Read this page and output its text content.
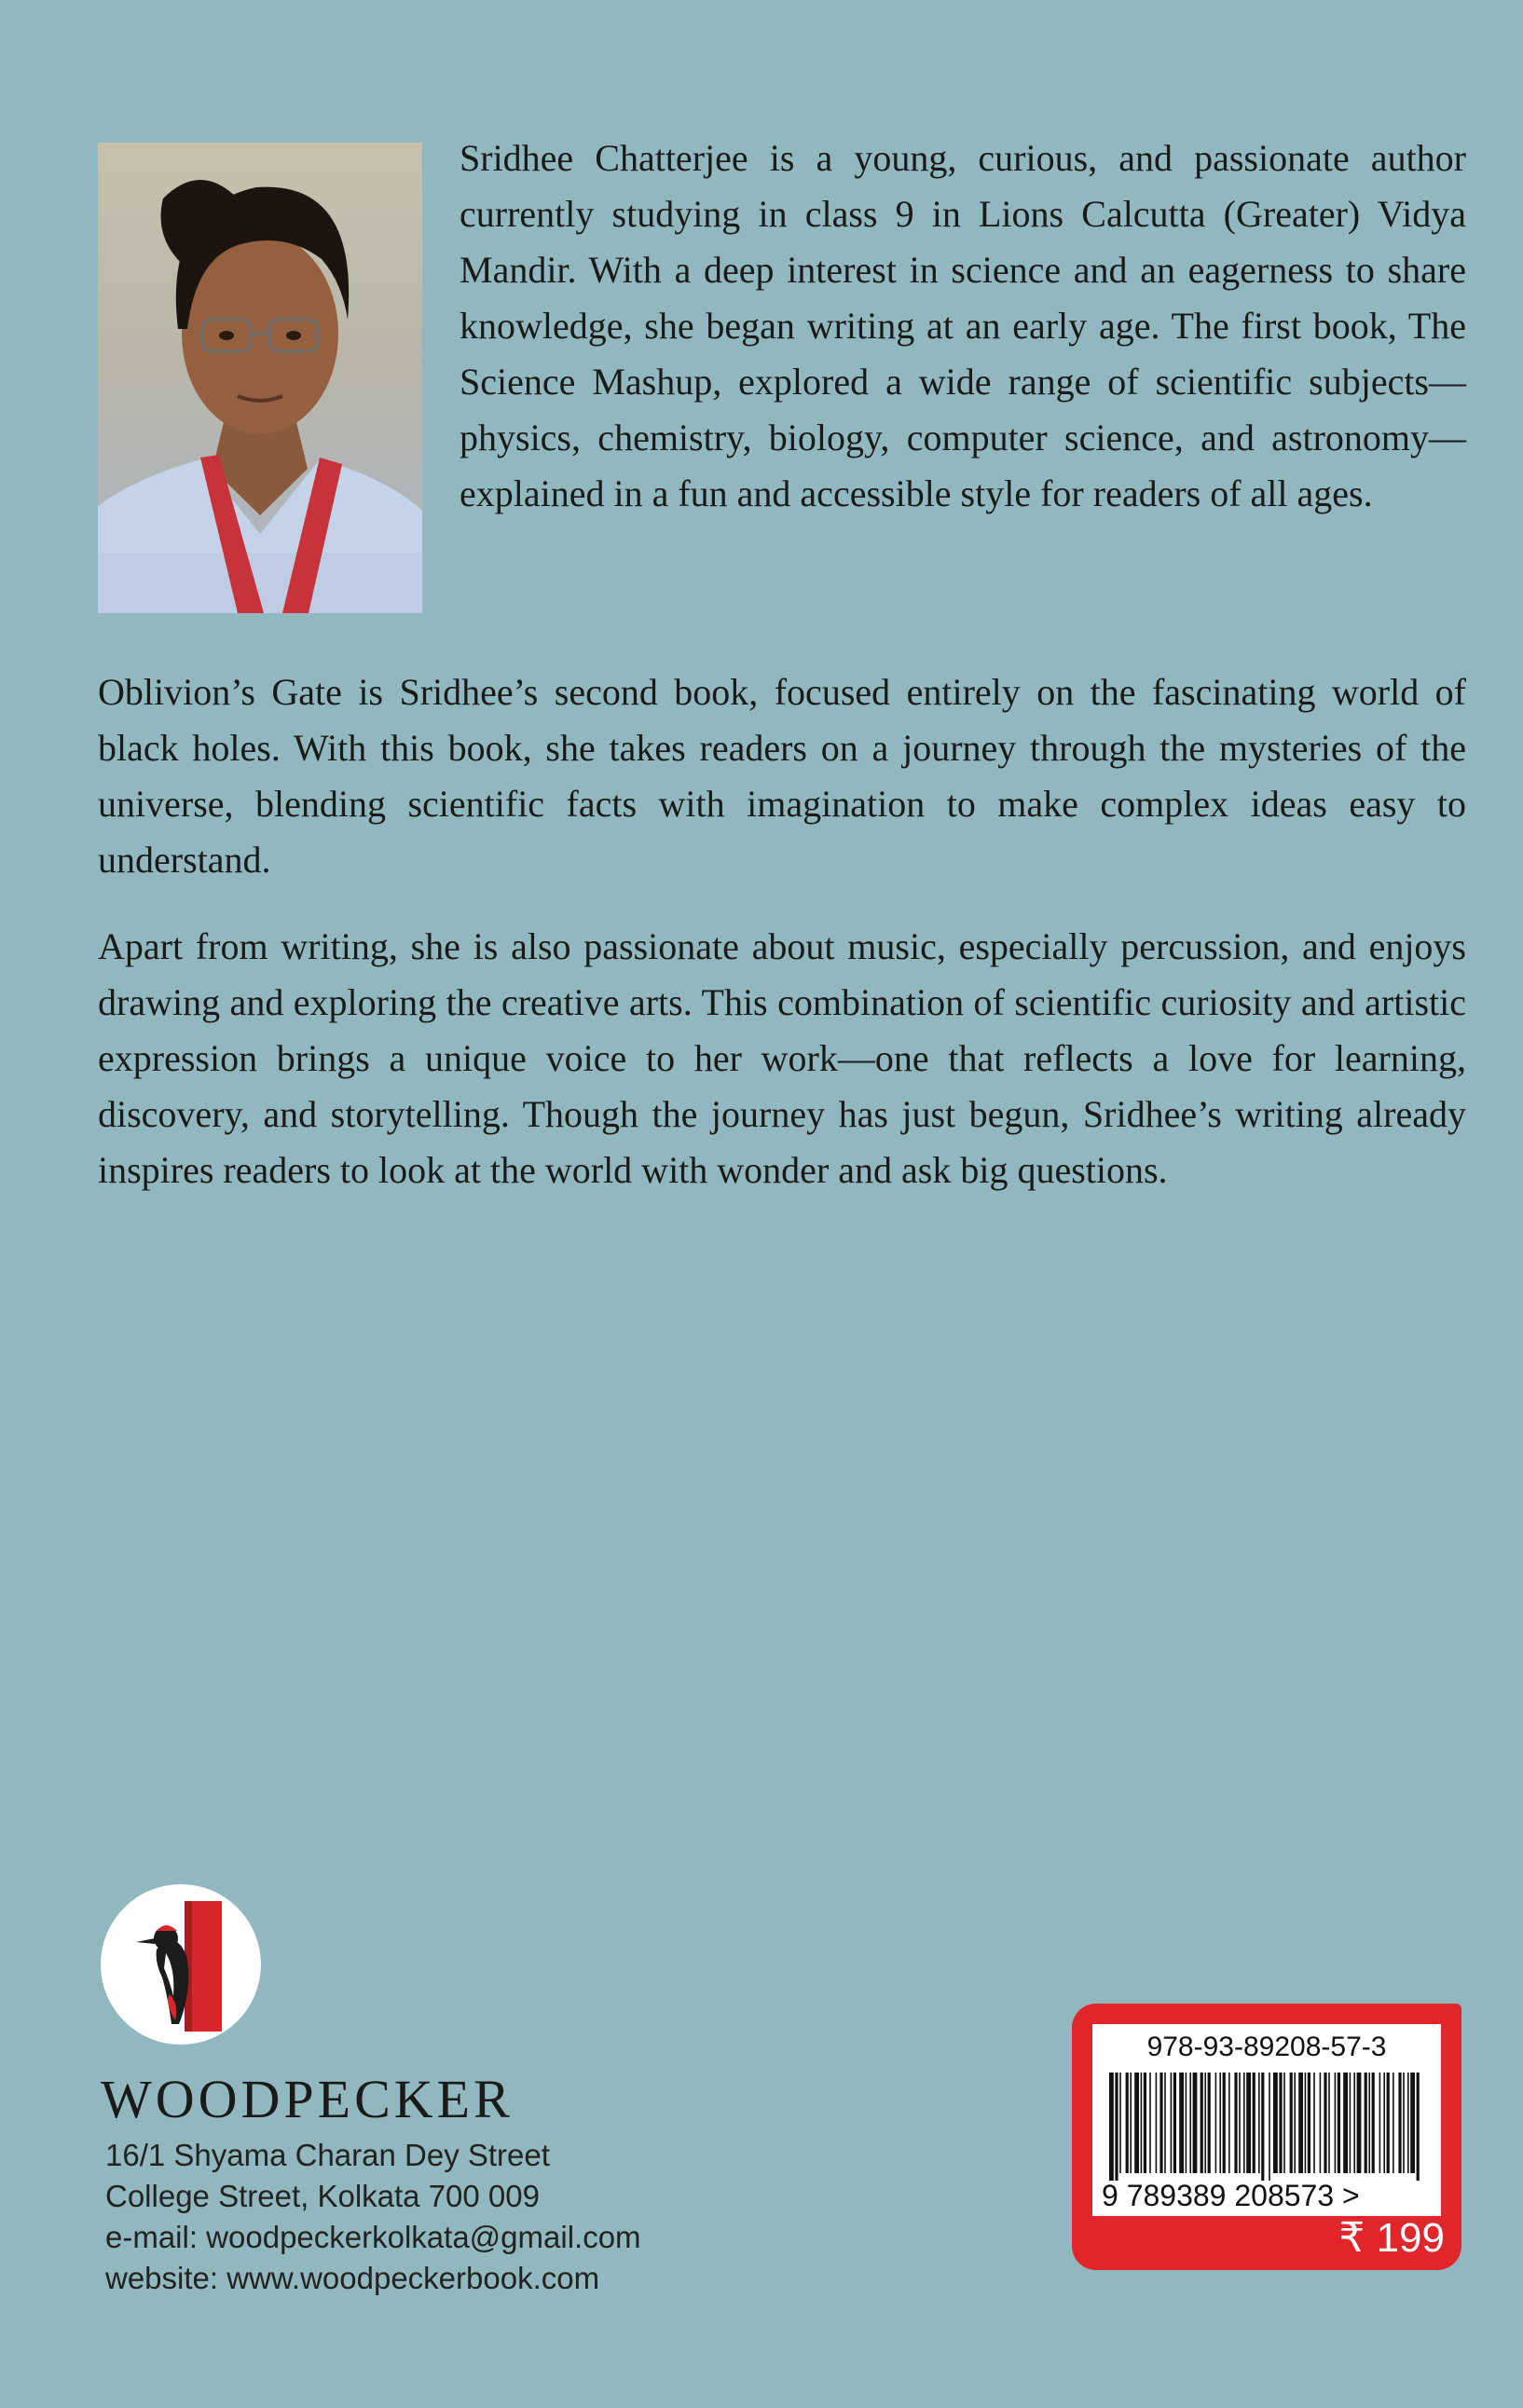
Sridhee Chatterjee is a young, curious, and passionate author currently studying in class 9 in Lions Calcutta (Greater) Vidya Mandir. With a deep interest in science and an eagerness to share knowledge, she began writing at an early age. The first book, The Science Mashup, explored a wide range of scientific subjects—physics, chemistry, biology, computer science, and astronomy—explained in a fun and accessible style for readers of all ages.

Oblivion’s Gate is Sridhee’s second book, focused entirely on the fascinating world of black holes. With this book, she takes readers on a journey through the mysteries of the universe, blending scientific facts with imagination to make complex ideas easy to understand.

Apart from writing, she is also passionate about music, especially percussion, and enjoys drawing and exploring the creative arts. This combination of scientific curiosity and artistic expression brings a unique voice to her work—one that reflects a love for learning, discovery, and storytelling. Though the journey has just begun, Sridhee’s writing already inspires readers to look at the world with wonder and ask big questions.

WOODPECKER
16/1 Shyama Charan Dey Street
College Street, Kolkata 700 009
e-mail: woodpeckerkolkata@gmail.com
website: www.woodpeckerbook.com
978-93-89208-57-3
9 789389 208573 >
₹ 199
